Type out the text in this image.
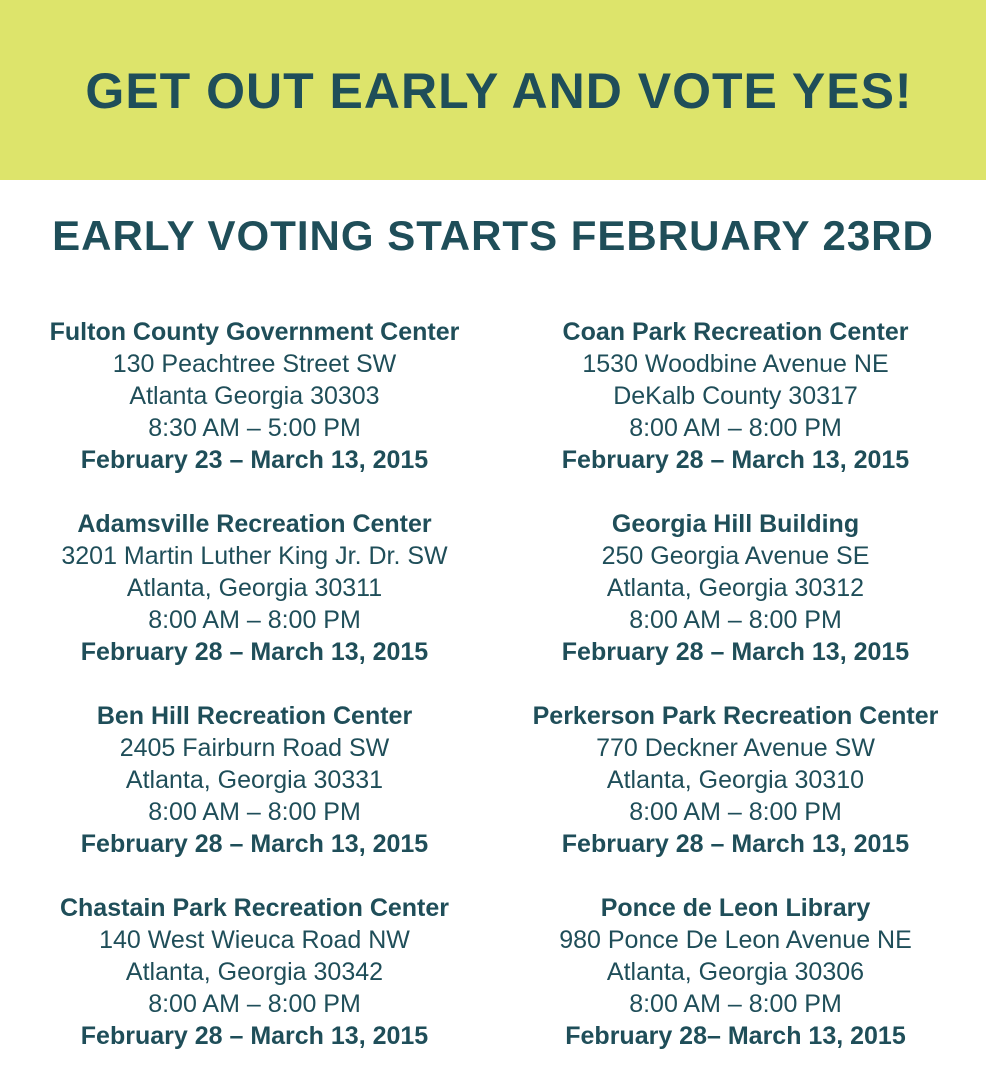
GET OUT EARLY AND VOTE YES!
EARLY VOTING STARTS FEBRUARY 23RD
Fulton County Government Center
130 Peachtree Street SW
Atlanta Georgia 30303
8:30 AM – 5:00 PM
February 23 – March 13, 2015
Coan Park Recreation Center
1530 Woodbine Avenue NE
DeKalb County 30317
8:00 AM – 8:00 PM
February 28 – March 13, 2015
Adamsville Recreation Center
3201 Martin Luther King Jr. Dr. SW
Atlanta, Georgia 30311
8:00 AM – 8:00 PM
February 28 – March 13, 2015
Georgia Hill Building
250 Georgia Avenue SE
Atlanta, Georgia 30312
8:00 AM – 8:00 PM
February 28 – March 13, 2015
Ben Hill Recreation Center
2405 Fairburn Road SW
Atlanta, Georgia 30331
8:00 AM – 8:00 PM
February 28 – March 13, 2015
Perkerson Park Recreation Center
770 Deckner Avenue SW
Atlanta, Georgia 30310
8:00 AM – 8:00 PM
February 28 – March 13, 2015
Chastain Park Recreation Center
140 West Wieuca Road NW
Atlanta, Georgia 30342
8:00 AM – 8:00 PM
February 28 – March 13, 2015
Ponce de Leon Library
980 Ponce De Leon Avenue NE
Atlanta, Georgia 30306
8:00 AM – 8:00 PM
February 28– March 13, 2015
